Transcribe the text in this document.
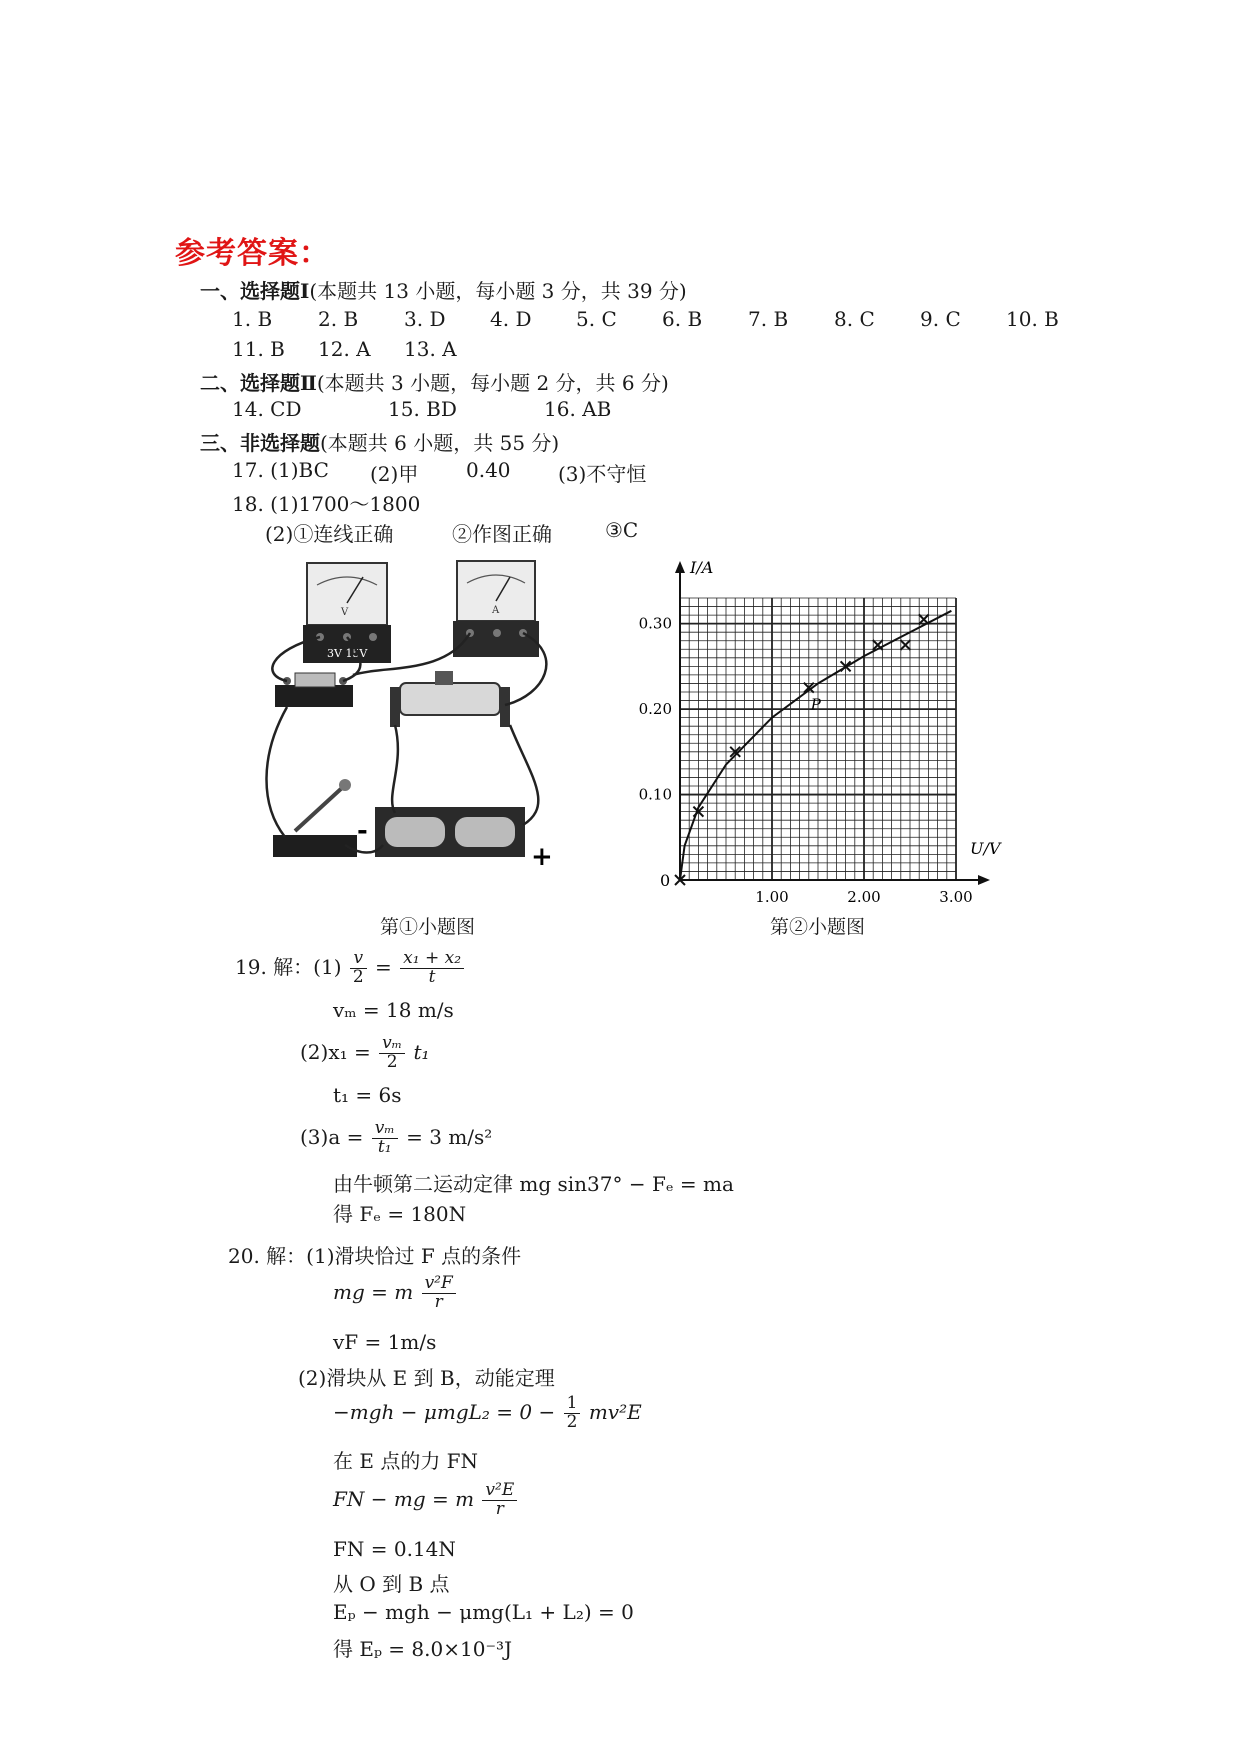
参考答案：
一、选择题Ⅰ(本题共 13 小题，每小题 3 分，共 39 分)
1. B 2. B 3. D 4. D 5. C 6. B 7. B 8. C 9. C 10. B
11. B 12. A 13. A
二、选择题Ⅱ(本题共 3 小题，每小题 2 分，共 6 分)
14. CD	15. BD	16. AB
三、非选择题(本题共 6 小题，共 55 分)
17. (1)BC (2)甲 0.40 (3)不守恒
18. (1)1700～1800
(2)①连线正确	②作图正确	③C
V
3V 15V
A
-
+
第①小题图
I/A
U/V
0
1.00	2.00	3.00
0.10
0.20
0.30
P
第②小题图
19. 解：$(1) \frac{v}{2} = \frac{\text{x₁ + x₂}}{t}$
vₘ = 18 m/s
$(2)x_1 = \frac{\text{vₘ}}{2} t_1$
t₁ = 6s
$(3)a = \frac{\text{vₘ}}{\text{t₁}} = 3$ m/s²
由牛顿第二运动定律 mg sin37° − Fₑ = ma
得 Fₑ = 180N
20. 解：(1)滑块恰过 F 点的条件
mg = m $\frac{\text{v²F}}{r}$
vF = 1m/s
(2)滑块从 E 到 B，动能定理
$-mgh - \mu mgL_2 = 0 - \frac{1}{2} mv^2E$
在 E 点的力 FN
FN − mg = m $\frac{\text{v²E}}{r}$
FN = 0.14N
从 O 到 B 点
Eₚ − mgh − μmg(L₁ + L₂) = 0
得 Eₚ = 8.0×10⁻³J
